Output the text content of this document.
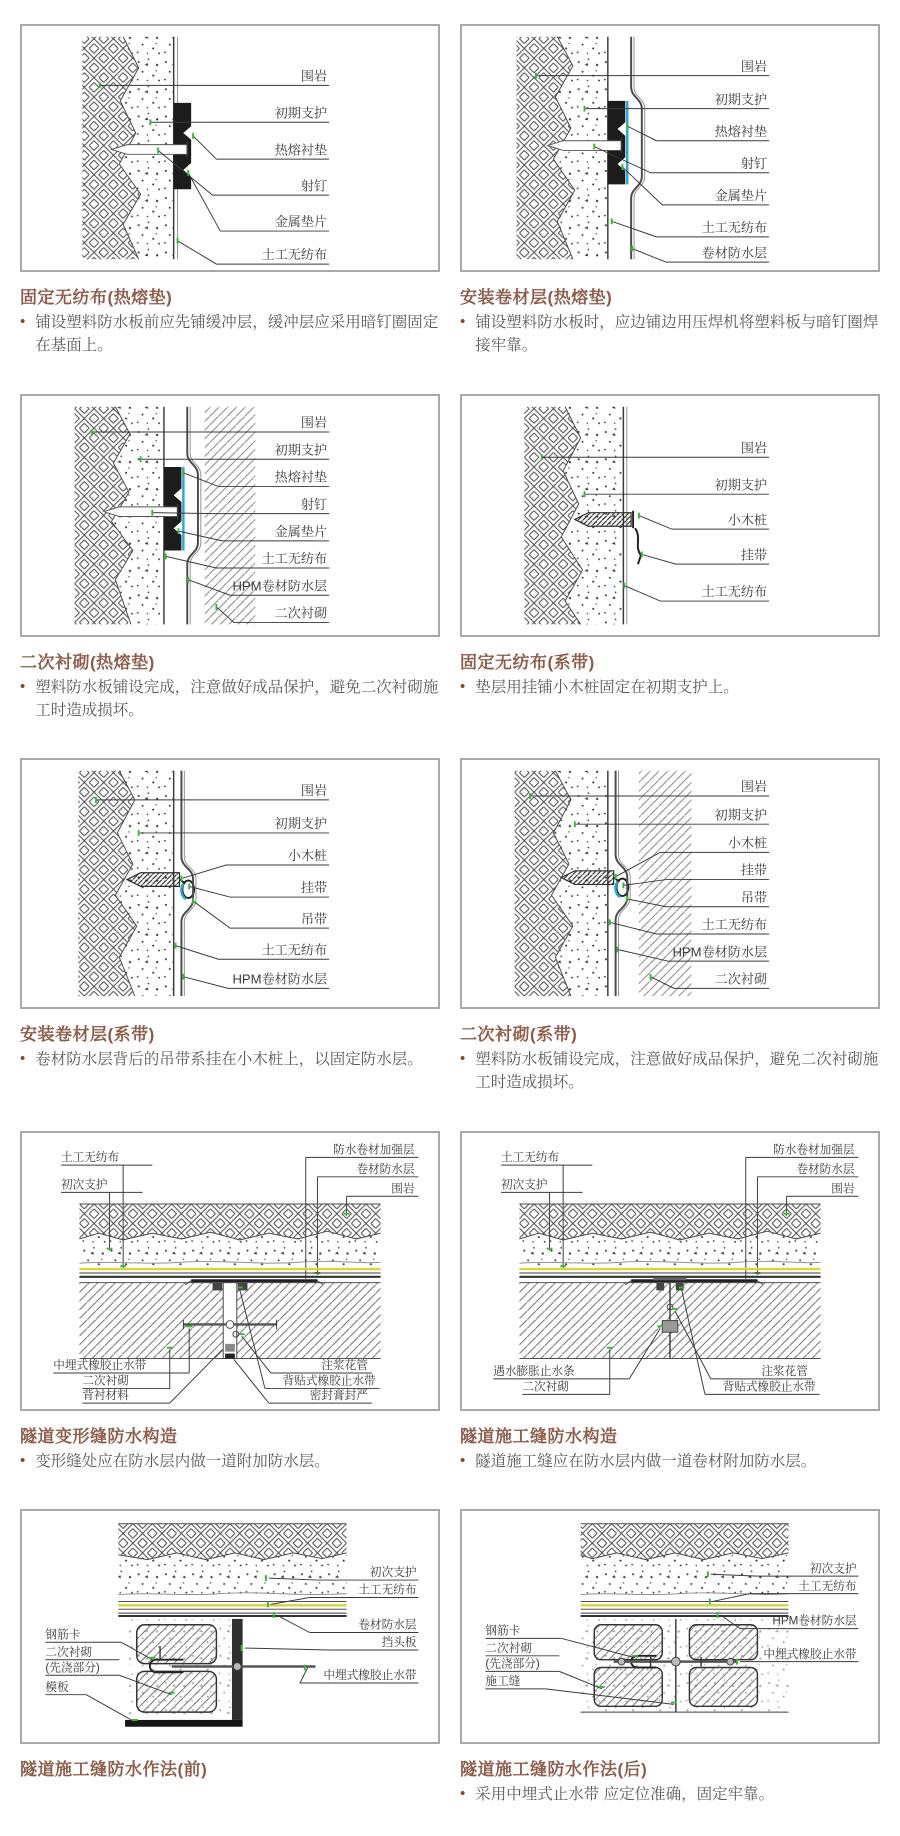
围岩
初期支护
热熔衬垫
射钉
金属垫片
土工无纺布
固定无纺布(热熔垫)
• 铺设塑料防水板前应先铺缓冲层，缓冲层应采用暗钉圈固定在基面上。
围岩
初期支护
热熔衬垫
射钉
金属垫片
土工无纺布
卷材防水层
安装卷材层(热熔垫)
• 铺设塑料防水板时，应边铺边用压焊机将塑料板与暗钉圈焊接牢靠。
围岩
初期支护
热熔衬垫
射钉
金属垫片
土工无纺布
HPM卷材防水层
二次衬砌
二次衬砌(热熔垫)
• 塑料防水板铺设完成，注意做好成品保护，避免二次衬砌施工时造成损坏。
围岩
初期支护
小木桩
挂带
土工无纺布
固定无纺布(系带)
• 垫层用挂铺小木桩固定在初期支护上。
围岩
初期支护
小木桩
挂带
吊带
土工无纺布
HPM卷材防水层
安装卷材层(系带)
• 卷材防水层背后的吊带系挂在小木桩上，以固定防水层。
围岩
初期支护
小木桩
挂带
吊带
土工无纺布
HPM卷材防水层
二次衬砌
二次衬砌(系带)
• 塑料防水板铺设完成，注意做好成品保护，避免二次衬砌施工时造成损坏。
土工无纺布
初次支护
防水卷材加强层
卷材防水层
围岩
中埋式橡胶止水带	注浆花管
二次衬砌	背贴式橡胶止水带
背衬材料	密封膏封严
隧道变形缝防水构造
• 变形缝处应在防水层内做一道附加防水层。
土工无纺布
初次支护
防水卷材加强层
卷材防水层
围岩
遇水膨胀止水条	注浆花管
二次衬砌	背贴式橡胶止水带
隧道施工缝防水构造
• 隧道施工缝应在防水层内做一道卷材附加防水层。
钢筋卡
二次衬砌
(先浇部分)
模板
初次支护
土工无纺布
卷材防水层
挡头板
中埋式橡胶止水带
隧道施工缝防水作法(前)
钢筋卡
二次衬砌
(先浇部分)
施工缝
初次支护
土工无纺布
HPM卷材防水层
中埋式橡胶止水带
隧道施工缝防水作法(后)
• 采用中埋式止水带 应定位准确，固定牢靠。
